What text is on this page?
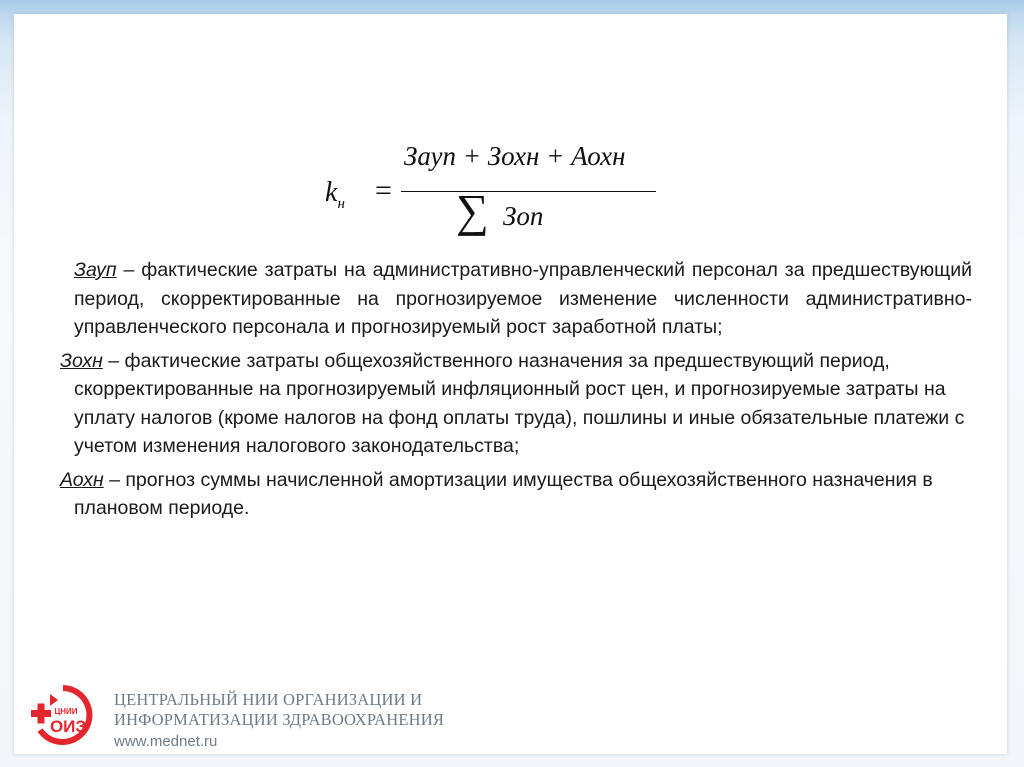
$k_н$ =
Зауп + Зохн + Аохн
∑ Зоп

Зауп – фактические затраты на административно-управленческий персонал за предшествующий период, скорректированные на прогнозируемое изменение численности административно-управленческого персонала и прогнозируемый рост заработной платы;

Зохн – фактические затраты общехозяйственного назначения за предшествующий период, скорректированные на прогнозируемый инфляционный рост цен, и прогнозируемые затраты на уплату налогов (кроме налогов на фонд оплаты труда), пошлины и иные обязательные платежи с учетом изменения налогового законодательства;

Аохн – прогноз суммы начисленной амортизации имущества общехозяйственного назначения в плановом периоде.

ЦНИИ
ОИЗ
ЦЕНТРАЛЬНЫЙ НИИ ОРГАНИЗАЦИИ И
ИНФОРМАТИЗАЦИИ ЗДРАВООХРАНЕНИЯ
www.mednet.ru
